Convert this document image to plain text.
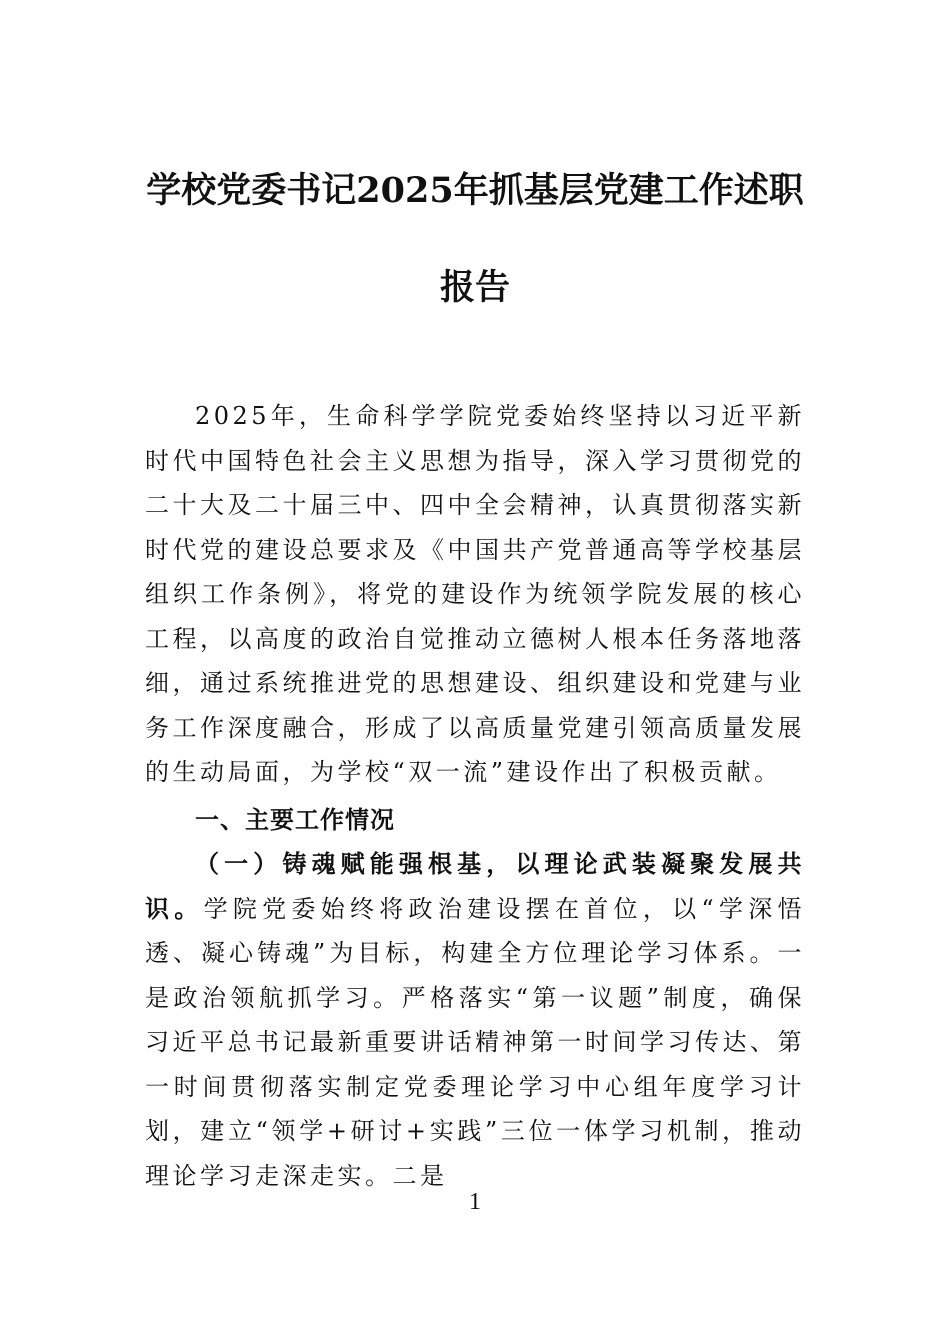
学校党委书记2025年抓基层党建工作述职
报告

2025年，生命科学学院党委始终坚持以习近平新时代中国特色社会主义思想为指导，深入学习贯彻党的二十大及二十届三中、四中全会精神，认真贯彻落实新时代党的建设总要求及《中国共产党普通高等学校基层组织工作条例》，将党的建设作为统领学院发展的核心工程，以高度的政治自觉推动立德树人根本任务落地落细，通过系统推进党的思想建设、组织建设和党建与业务工作深度融合，形成了以高质量党建引领高质量发展的生动局面，为学校“双一流”建设作出了积极贡献。

一、主要工作情况

（一）铸魂赋能强根基，以理论武装凝聚发展共识。学院党委始终将政治建设摆在首位，以“学深悟透、凝心铸魂”为目标，构建全方位理论学习体系。一是政治领航抓学习。严格落实“第一议题”制度，确保习近平总书记最新重要讲话精神第一时间学习传达、第一时间贯彻落实制定党委理论学习中心组年度学习计划，建立“领学+研讨+实践”三位一体学习机制，推动理论学习走深走实。二是

1
